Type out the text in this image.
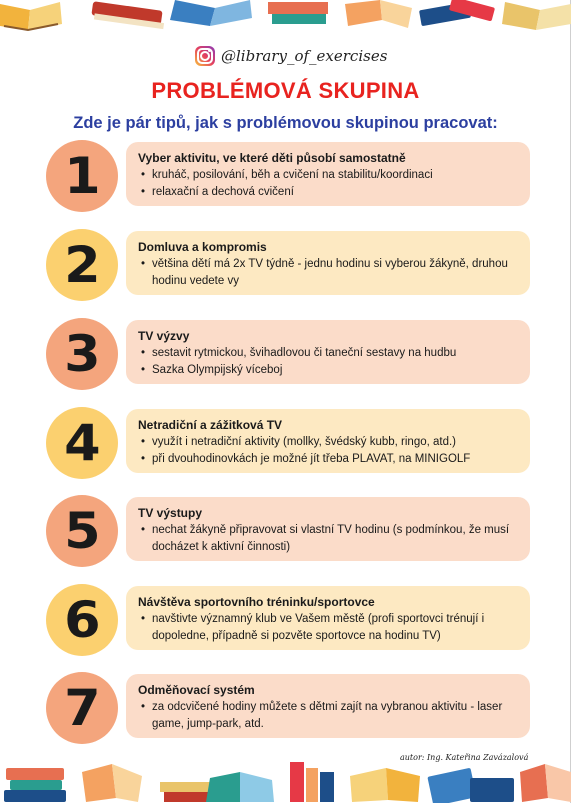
@library_of_exercises
PROBLÉMOVÁ SKUPINA
Zde je pár tipů, jak s problémovou skupinou pracovat:
1	Vyber aktivitu, ve které děti působí samostatně
• kruháč, posilování, běh a cvičení na stabilitu/koordinaci
• relaxační a dechová cvičení
2	Domluva a kompromis
• většina dětí má 2x TV týdně - jednu hodinu si vyberou žákyně, druhou hodinu vedete vy
3	TV výzvy
• sestavit rytmickou, švihadlovou či taneční sestavy na hudbu
• Sazka Olympijský víceboj
4	Netradiční a zážitková TV
• využít i netradiční aktivity (mollky, švédský kubb, ringo, atd.)
• při dvouhodinovkách je možné jít třeba PLAVAT, na MINIGOLF
5	TV výstupy
• nechat žákyně připravovat si vlastní TV hodinu (s podmínkou, že musí docházet k aktivní činnosti)
6	Návštěva sportovního tréninku/sportovce
• navštivte významný klub ve Vašem městě (profi sportovci trénují i dopoledne, případně si pozvěte sportovce na hodinu TV)
7	Odměňovací systém
• za odcvičené hodiny můžete s dětmi zajít na vybranou aktivitu - laser game, jump-park, atd.
autor: Ing. Kateřina Zavázalová
